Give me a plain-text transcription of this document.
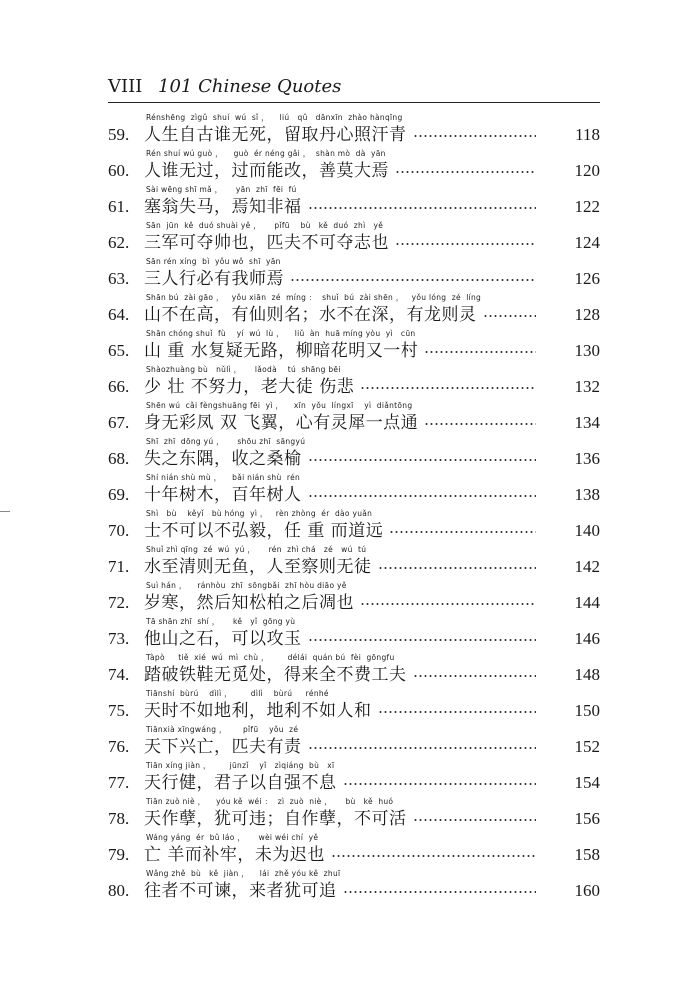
VIII 101 Chinese Quotes
Rénshēng  zìgǔ  shuí  wú  sǐ ，    liú   qǔ   dānxīn  zhào hànqīng
59. 人生自古谁无死，留取丹心照汗青	118
Rén shuí wú guò ，    guò  ér néng gǎi ，  shàn mò  dà  yān
60. 人谁无过，过而能改，善莫大焉	120
Sài wēng shī mǎ ，     yān  zhī  fēi  fú
61. 塞翁失马，焉知非福	122
Sān  jūn  kě  duó shuài yě ，     pǐfū    bù   kě  duó  zhì   yě
62. 三军可夺帅也，匹夫不可夺志也	124
Sān rén xíng  bì  yǒu wǒ  shī  yān
63. 三人行必有我师焉	126
Shān bú  zài gāo ，   yǒu xiān  zé  míng ：  shuǐ  bú  zài shēn ，   yǒu lóng  zé  líng
64. 山不在高，有仙则名；水不在深，有龙则灵	128
Shān chóng shuǐ  fù    yí  wú  lù ，    liǔ  àn  huā míng yòu  yì   cūn
65. 山 重 水复疑无路，柳暗花明又一村	130
Shàozhuàng bù   nǔlì ，     lǎodà    tú  shāng bēi
66. 少 壮 不努力，老大徒 伤悲	132
Shēn wú  cǎi fèngshuāng fēi  yì ，    xīn  yǒu  língxī    yì  diǎntōng
67. 身无彩凤 双 飞翼，心有灵犀一点通	134
Shī  zhī  dōng yú ，     shōu zhī  sāngyú
68. 失之东隅，收之桑榆	136
Shí nián shù mù ，    bǎi nián shù  rén
69. 十年树木，百年树人	138
Shì   bù    kěyǐ   bù hóng  yì ，   rèn zhòng  ér  dào yuǎn
70. 士不可以不弘毅，任 重 而道远	140
Shuǐ zhì qīng  zé  wú  yú ，     rén  zhì chá   zé   wú  tú
71. 水至清则无鱼，人至察则无徒	142
Suì hán ，    ránhòu  zhī  sōngbǎi  zhī hòu diāo yě
72. 岁寒，然后知松柏之后凋也	144
Tā shān zhī  shí ，     kě   yǐ  gōng yù
73. 他山之石，可以攻玉	146
Tàpò     tiě  xié  wú  mì  chù ，       délái  quán bú  fèi  gōngfu
74. 踏破铁鞋无觅处，得来全不费工夫	148
Tiānshí  bùrú    dìlì ，       dìlì    bùrú     rénhé
75. 天时不如地利，地利不如人和	150
Tiānxià xīngwáng ，      pǐfū    yǒu  zé
76. 天下兴亡，匹夫有责	152
Tiān xíng jiàn ，       jūnzǐ    yǐ   zìqiáng  bù   xī
77. 天行健，君子以自强不息	154
Tiān zuò niè ，    yóu kě  wéi ：  zì  zuò  niè ，     bù   kě  huó
78. 天作孽，犹可违；自作孽，不可活	156
Wáng yáng  ér  bǔ láo ，     wèi wéi chí  yě
79. 亡 羊而补牢，未为迟也	158
Wǎng zhě  bù   kě  jiàn ，    lái  zhě yóu kě  zhuī
80. 往者不可谏，来者犹可追	160
